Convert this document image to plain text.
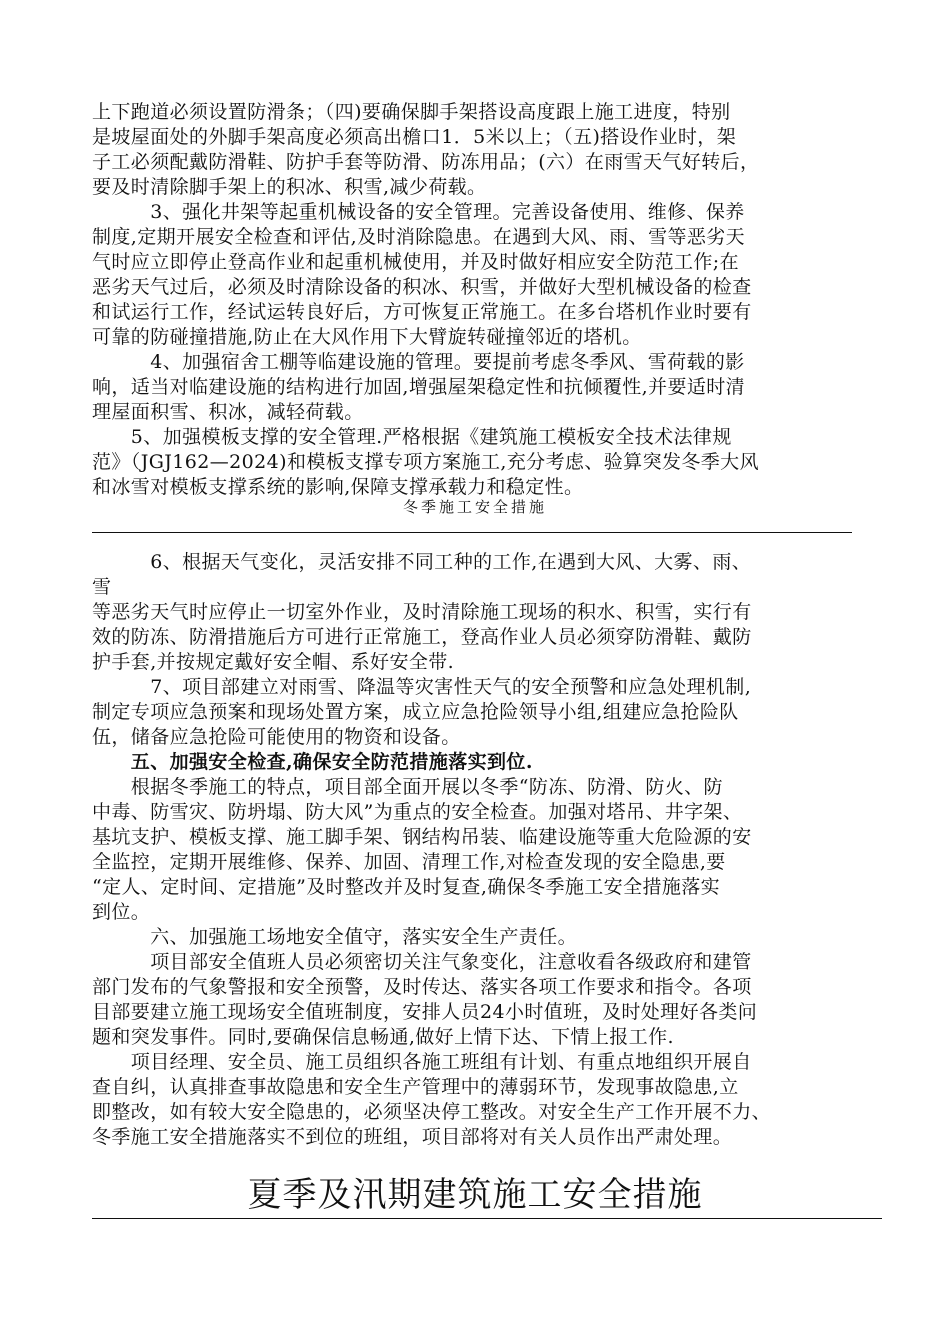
上下跑道必须设置防滑条；（四)要确保脚手架搭设高度跟上施工进度，特别
是坡屋面处的外脚手架高度必须高出檐口1．5米以上；（五)搭设作业时，架
子工必须配戴防滑鞋、防护手套等防滑、防冻用品；(六）在雨雪天气好转后，
要及时清除脚手架上的积冰、积雪,减少荷载。
　　　3、强化井架等起重机械设备的安全管理。完善设备使用、维修、保养
制度,定期开展安全检查和评估,及时消除隐患。在遇到大风、雨、雪等恶劣天
气时应立即停止登高作业和起重机械使用，并及时做好相应安全防范工作;在
恶劣天气过后，必须及时清除设备的积冰、积雪，并做好大型机械设备的检查
和试运行工作，经试运转良好后，方可恢复正常施工。在多台塔机作业时要有
可靠的防碰撞措施,防止在大风作用下大臂旋转碰撞邻近的塔机。
　　　4、加强宿舍工棚等临建设施的管理。要提前考虑冬季风、雪荷载的影
响，适当对临建设施的结构进行加固,增强屋架稳定性和抗倾覆性,并要适时清
理屋面积雪、积冰，减轻荷载。
　　5、加强模板支撑的安全管理.严格根据《建筑施工模板安全技术法律规
范》（JGJ162—2024)和模板支撑专项方案施工,充分考虑、验算突发冬季大风
和冰雪对模板支撑系统的影响,保障支撑承载力和稳定性。
冬季施工安全措施
　　　6、根据天气变化，灵活安排不同工种的工作,在遇到大风、大雾、雨、
雪
等恶劣天气时应停止一切室外作业，及时清除施工现场的积水、积雪，实行有
效的防冻、防滑措施后方可进行正常施工，登高作业人员必须穿防滑鞋、戴防
护手套,并按规定戴好安全帽、系好安全带.
　　　7、项目部建立对雨雪、降温等灾害性天气的安全预警和应急处理机制,
制定专项应急预案和现场处置方案，成立应急抢险领导小组,组建应急抢险队
伍，储备应急抢险可能使用的物资和设备。
　　五、加强安全检查,确保安全防范措施落实到位.
　　根据冬季施工的特点，项目部全面开展以冬季“防冻、防滑、防火、防
中毒、防雪灾、防坍塌、防大风”为重点的安全检查。加强对塔吊、井字架、
基坑支护、模板支撑、施工脚手架、钢结构吊装、临建设施等重大危险源的安
全监控，定期开展维修、保养、加固、清理工作,对检查发现的安全隐患,要
“定人、定时间、定措施”及时整改并及时复查,确保冬季施工安全措施落实
到位。
　　　六、加强施工场地安全值守，落实安全生产责任。
　　　项目部安全值班人员必须密切关注气象变化，注意收看各级政府和建管
部门发布的气象警报和安全预警，及时传达、落实各项工作要求和指令。各项
目部要建立施工现场安全值班制度，安排人员24小时值班，及时处理好各类问
题和突发事件。同时,要确保信息畅通,做好上情下达、下情上报工作.
　　项目经理、安全员、施工员组织各施工班组有计划、有重点地组织开展自
查自纠，认真排查事故隐患和安全生产管理中的薄弱环节，发现事故隐患,立
即整改，如有较大安全隐患的，必须坚决停工整改。对安全生产工作开展不力、
冬季施工安全措施落实不到位的班组，项目部将对有关人员作出严肃处理。
夏季及汛期建筑施工安全措施
